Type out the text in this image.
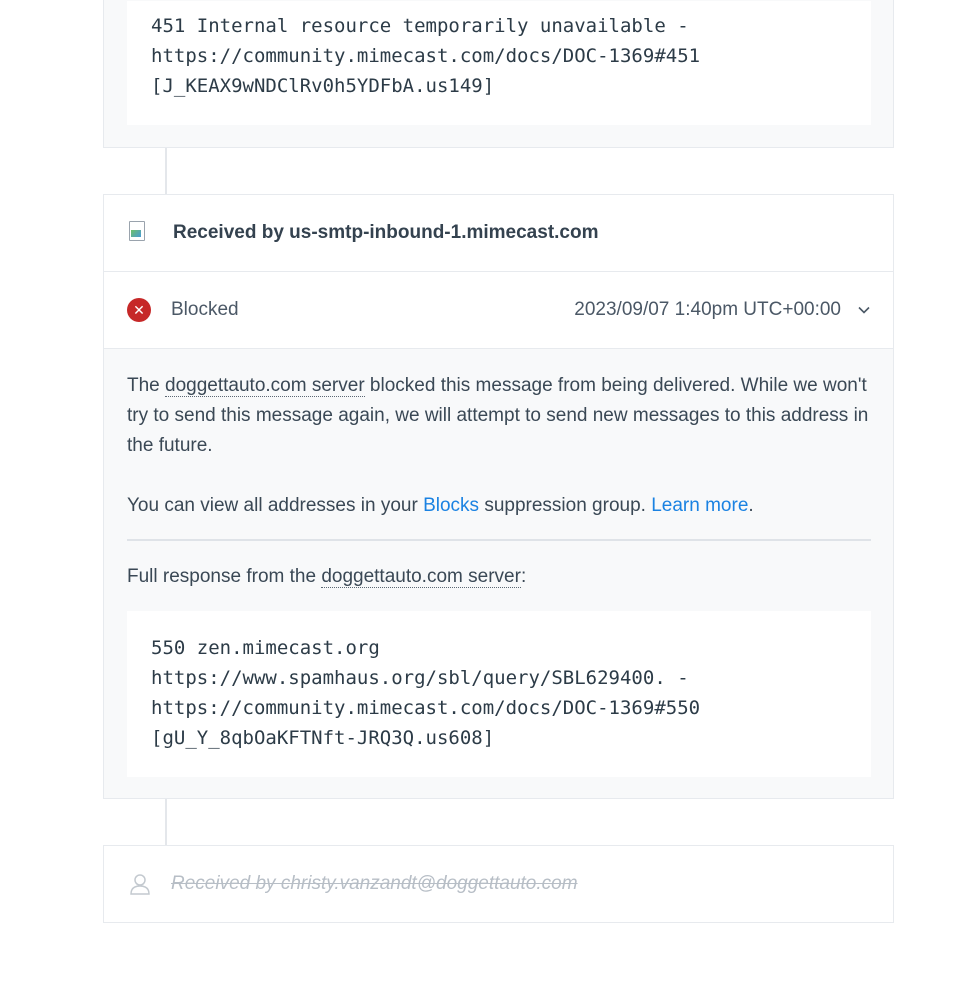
451 Internal resource temporarily unavailable -
https://community.mimecast.com/docs/DOC-1369#451
[J_KEAX9wNDClRv0h5YDFbA.us149]
Received by us-smtp-inbound-1.mimecast.com
✕	Blocked	2023/09/07 1:40pm UTC+00:00

The doggettauto.com server blocked this message from being delivered. While we won't try to send this message again, we will attempt to send new messages to this address in the future.

You can view all addresses in your Blocks suppression group. Learn more.

Full response from the doggettauto.com server:

550 zen.mimecast.org
https://www.spamhaus.org/sbl/query/SBL629400. -
https://community.mimecast.com/docs/DOC-1369#550
[gU_Y_8qbOaKFTNft-JRQ3Q.us608]
Received by christy.vanzandt@doggettauto.com
